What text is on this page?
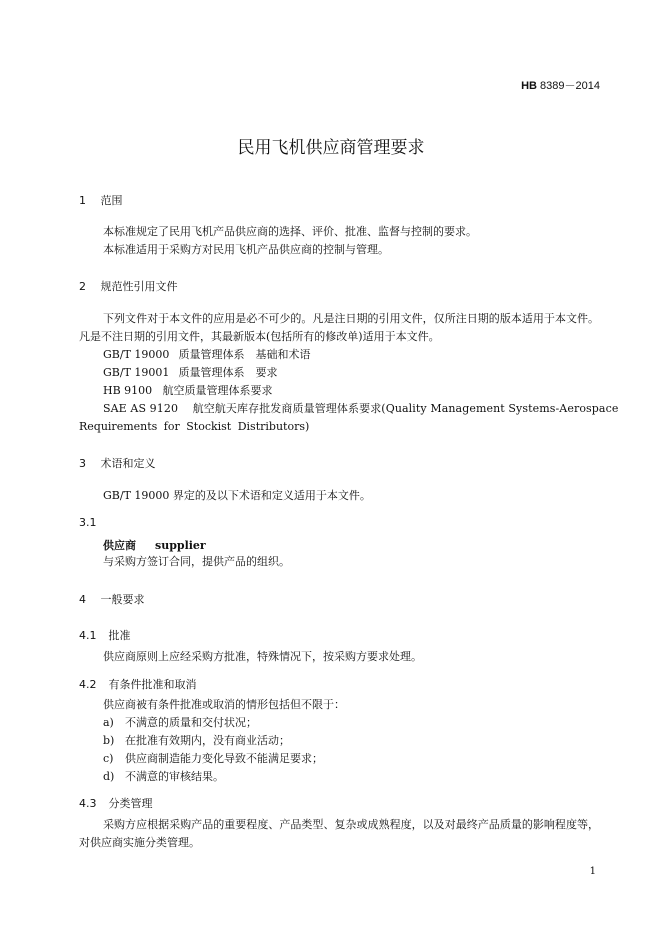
HB 8389－2014
民用飞机供应商管理要求
1 范围
本标准规定了民用飞机产品供应商的选择、评价、批准、监督与控制的要求。
本标准适用于采购方对民用飞机产品供应商的控制与管理。
2 规范性引用文件
下列文件对于本文件的应用是必不可少的。凡是注日期的引用文件，仅所注日期的版本适用于本文件。凡是不注日期的引用文件，其最新版本(包括所有的修改单)适用于本文件。
GB/T 19000 质量管理体系　基础和术语
GB/T 19001 质量管理体系　要求
HB 9100 航空质量管理体系要求
SAE AS 9120 航空航天库存批发商质量管理体系要求(Quality Management Systems-Aerospace
Requirements for Stockist Distributors)
3 术语和定义
GB/T 19000 界定的及以下术语和定义适用于本文件。
3.1
供应商 supplier
与采购方签订合同，提供产品的组织。
4 一般要求
4.1 批准
供应商原则上应经采购方批准，特殊情况下，按采购方要求处理。
4.2 有条件批准和取消
供应商被有条件批准或取消的情形包括但不限于：
a) 不满意的质量和交付状况；
b) 在批准有效期内，没有商业活动；
c) 供应商制造能力变化导致不能满足要求；
d) 不满意的审核结果。
4.3 分类管理
采购方应根据采购产品的重要程度、产品类型、复杂或成熟程度，以及对最终产品质量的影响程度等，对供应商实施分类管理。
1
